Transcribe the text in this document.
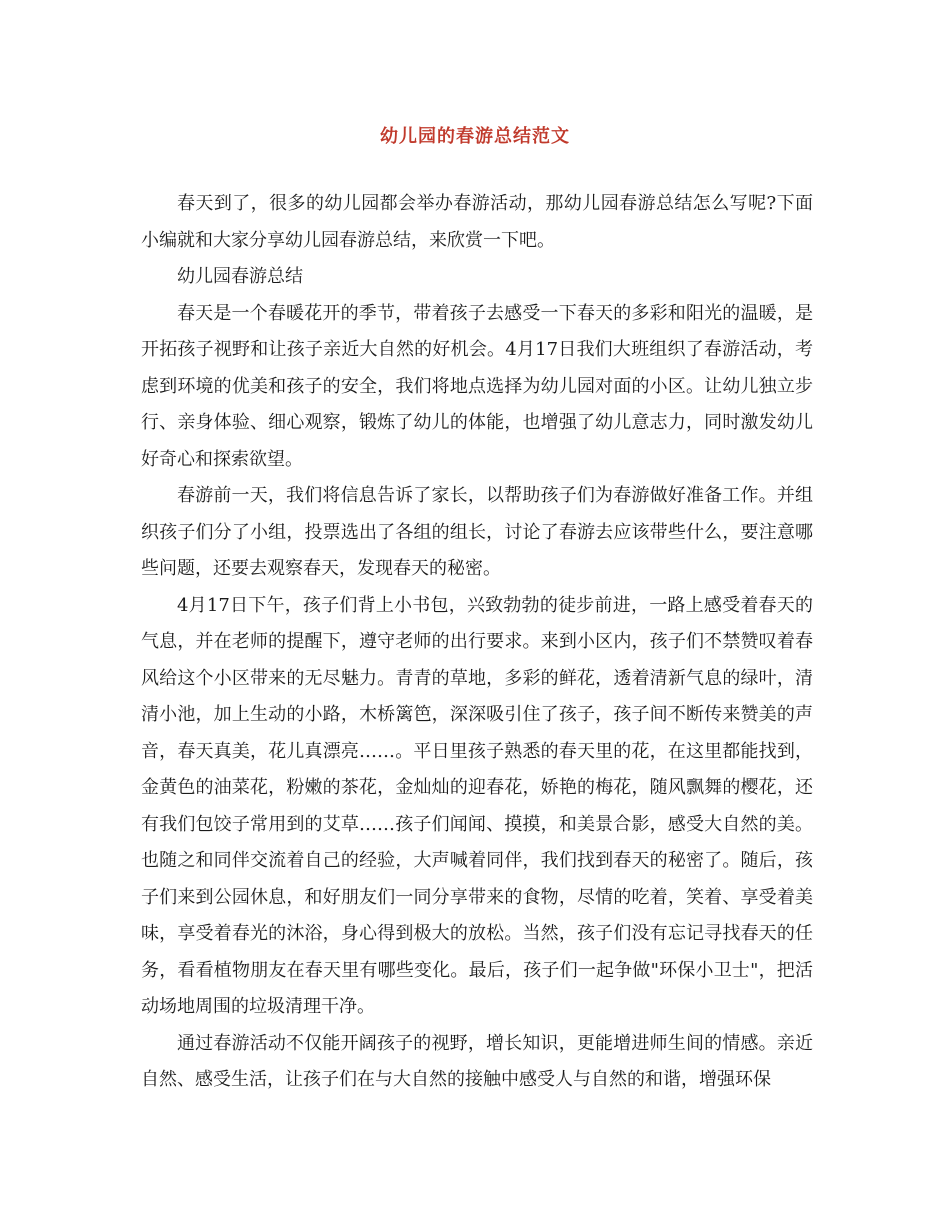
幼儿园的春游总结范文

春天到了，很多的幼儿园都会举办春游活动，那幼儿园春游总结怎么写呢?下面小编就和大家分享幼儿园春游总结，来欣赏一下吧。

幼儿园春游总结

春天是一个春暖花开的季节，带着孩子去感受一下春天的多彩和阳光的温暖，是开拓孩子视野和让孩子亲近大自然的好机会。4月17日我们大班组织了春游活动，考虑到环境的优美和孩子的安全，我们将地点选择为幼儿园对面的小区。让幼儿独立步行、亲身体验、细心观察，锻炼了幼儿的体能，也增强了幼儿意志力，同时激发幼儿好奇心和探索欲望。

春游前一天，我们将信息告诉了家长，以帮助孩子们为春游做好准备工作。并组织孩子们分了小组，投票选出了各组的组长，讨论了春游去应该带些什么，要注意哪些问题，还要去观察春天，发现春天的秘密。

4月17日下午，孩子们背上小书包，兴致勃勃的徒步前进，一路上感受着春天的气息，并在老师的提醒下，遵守老师的出行要求。来到小区内，孩子们不禁赞叹着春风给这个小区带来的无尽魅力。青青的草地，多彩的鲜花，透着清新气息的绿叶，清清小池，加上生动的小路，木桥篱笆，深深吸引住了孩子，孩子间不断传来赞美的声音，春天真美，花儿真漂亮……。平日里孩子熟悉的春天里的花，在这里都能找到，金黄色的油菜花，粉嫩的茶花，金灿灿的迎春花，娇艳的梅花，随风飘舞的樱花，还有我们包饺子常用到的艾草……孩子们闻闻、摸摸，和美景合影，感受大自然的美。也随之和同伴交流着自己的经验，大声喊着同伴，我们找到春天的秘密了。随后，孩子们来到公园休息，和好朋友们一同分享带来的食物，尽情的吃着，笑着、享受着美味，享受着春光的沐浴，身心得到极大的放松。当然，孩子们没有忘记寻找春天的任务，看看植物朋友在春天里有哪些变化。最后，孩子们一起争做"环保小卫士"，把活动场地周围的垃圾清理干净。

通过春游活动不仅能开阔孩子的视野，增长知识，更能增进师生间的情感。亲近自然、感受生活，让孩子们在与大自然的接触中感受人与自然的和谐，增强环保
